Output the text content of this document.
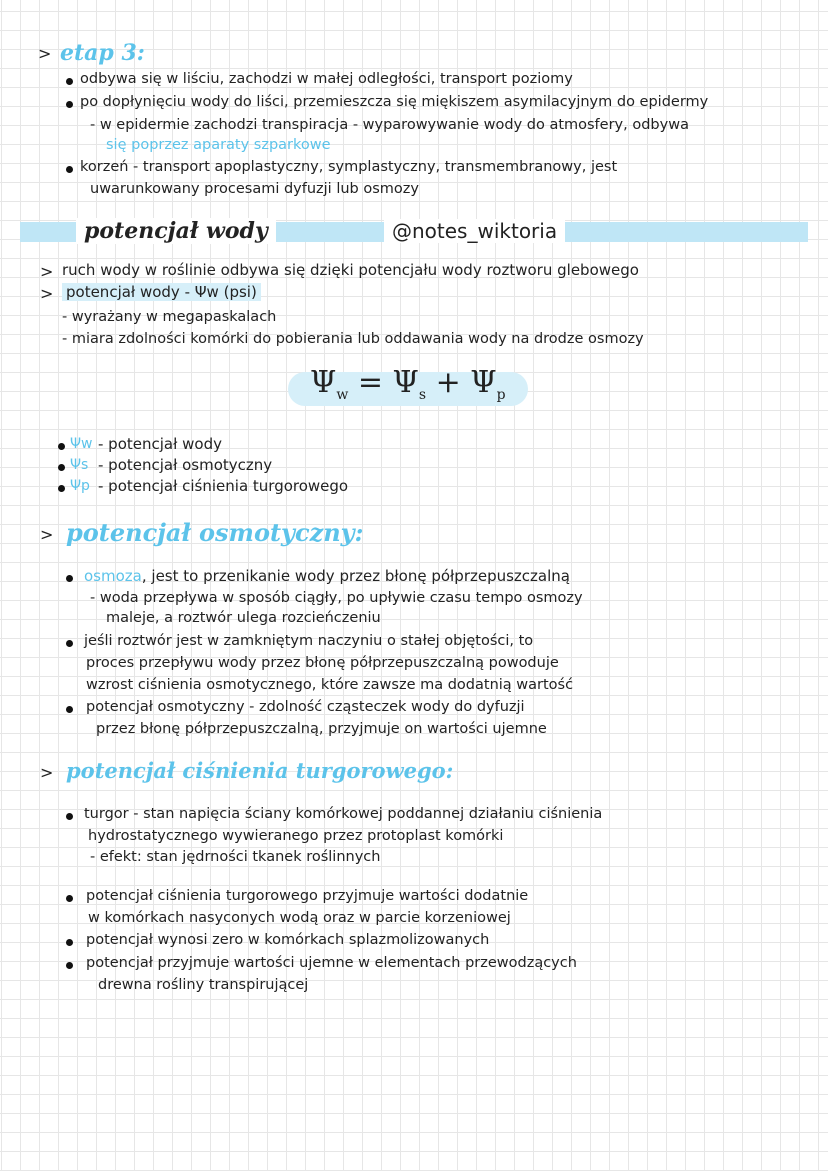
> etap 3:
odbywa się w liściu, zachodzi w małej odległości, transport poziomy
po dopłynięciu wody do liści, przemieszcza się miękiszem asymilacyjnym do epidermy
- w epidermie zachodzi transpiracja - wyparowywanie wody do atmosfery, odbywa
się poprzez aparaty szparkowe
korzeń - transport apoplastyczny, symplastyczny, transmembranowy, jest
uwarunkowany procesami dyfuzji lub osmozy
potencjał wody	@notes_wiktoria
> ruch wody w roślinie odbywa się dzięki potencjału wody roztworu glebowego
> potencjał wody - Ψw (psi)
- wyrażany w megapaskalach
- miara zdolności komórki do pobierania lub oddawania wody na drodze osmozy
$\Psi_w = \Psi_s + \Psi_p$
Ψw - potencjał wody
Ψs - potencjał osmotyczny
Ψp - potencjał ciśnienia turgorowego
> potencjał osmotyczny:
osmoza, jest to przenikanie wody przez błonę półprzepuszczalną
- woda przepływa w sposób ciągły, po upływie czasu tempo osmozy
maleje, a roztwór ulega rozcieńczeniu
jeśli roztwór jest w zamkniętym naczyniu o stałej objętości, to
proces przepływu wody przez błonę półprzepuszczalną powoduje
wzrost ciśnienia osmotycznego, które zawsze ma dodatnią wartość
potencjał osmotyczny - zdolność cząsteczek wody do dyfuzji
przez błonę półprzepuszczalną, przyjmuje on wartości ujemne
> potencjał ciśnienia turgorowego:
turgor - stan napięcia ściany komórkowej poddannej działaniu ciśnienia
hydrostatycznego wywieranego przez protoplast komórki
- efekt: stan jędrności tkanek roślinnych
potencjał ciśnienia turgorowego przyjmuje wartości dodatnie
w komórkach nasyconych wodą oraz w parcie korzeniowej
potencjał wynosi zero w komórkach splazmolizowanych
potencjał przyjmuje wartości ujemne w elementach przewodzących
drewna rośliny transpirującej
